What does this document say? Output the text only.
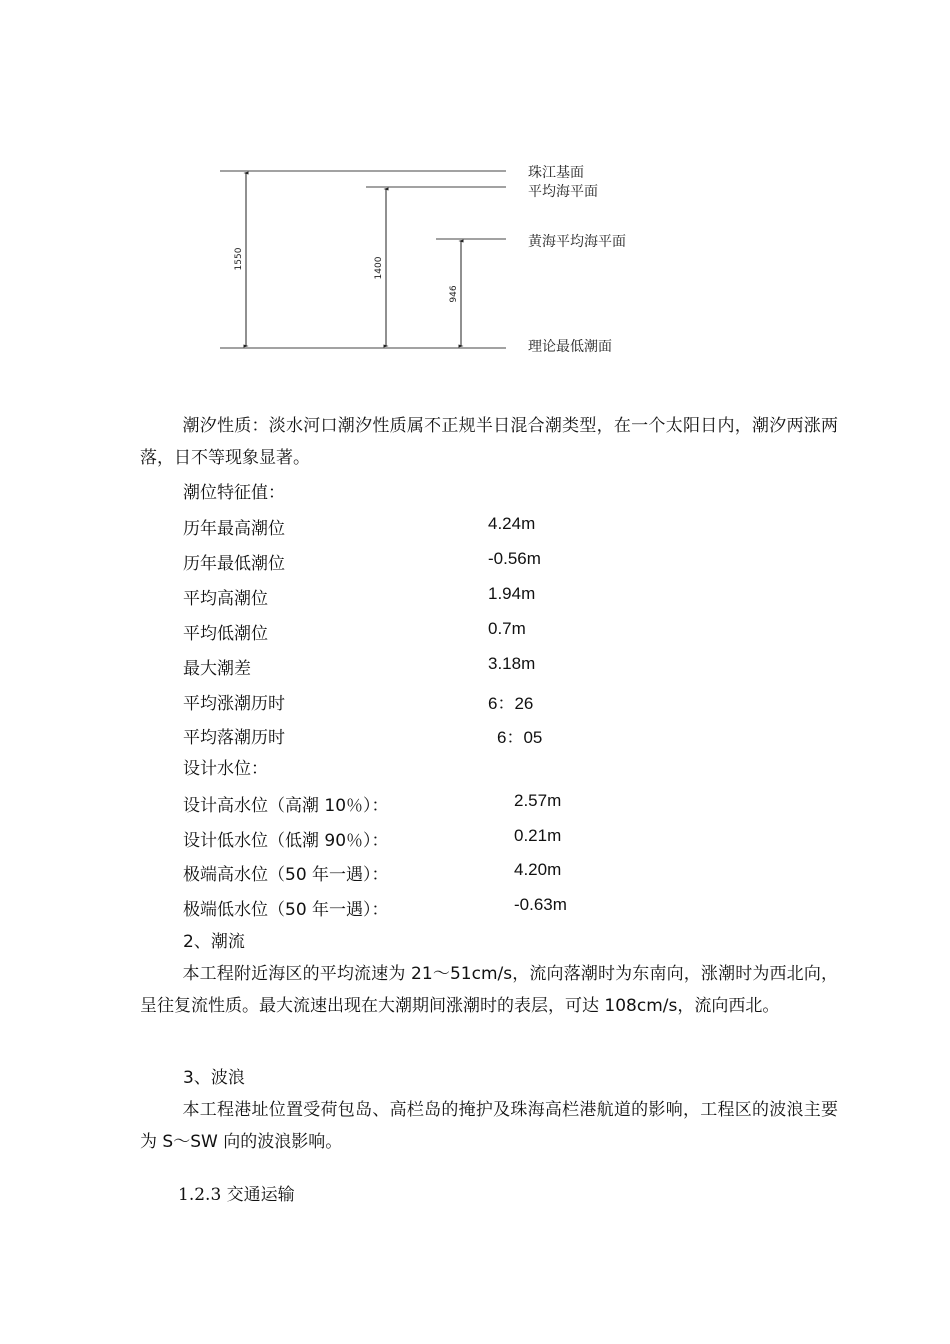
1550	1400
946
珠江基面
平均海平面
黄海平均海平面
理论最低潮面

潮汐性质：淡水河口潮汐性质属不正规半日混合潮类型，在一个太阳日内，潮汐两涨两落，日不等现象显著。

潮位特征值：
历年最高潮位	4.24m
历年最低潮位	-0.56m
平均高潮位	1.94m
平均低潮位	0.7m
最大潮差	3.18m
平均涨潮历时	6：26
平均落潮历时	6：05
设计水位：
设计高水位（高潮 10％）：	2.57m
设计低水位（低潮 90％）：	0.21m
极端高水位（50 年一遇）：	4.20m
极端低水位（50 年一遇）：	-0.63m
2、潮流

本工程附近海区的平均流速为 21～51cm/s，流向落潮时为东南向，涨潮时为西北向，呈往复流性质。最大流速出现在大潮期间涨潮时的表层，可达 108cm/s，流向西北。

3、波浪

本工程港址位置受荷包岛、高栏岛的掩护及珠海高栏港航道的影响，工程区的波浪主要为 S～SW 向的波浪影响。

1.2.3 交通运输
